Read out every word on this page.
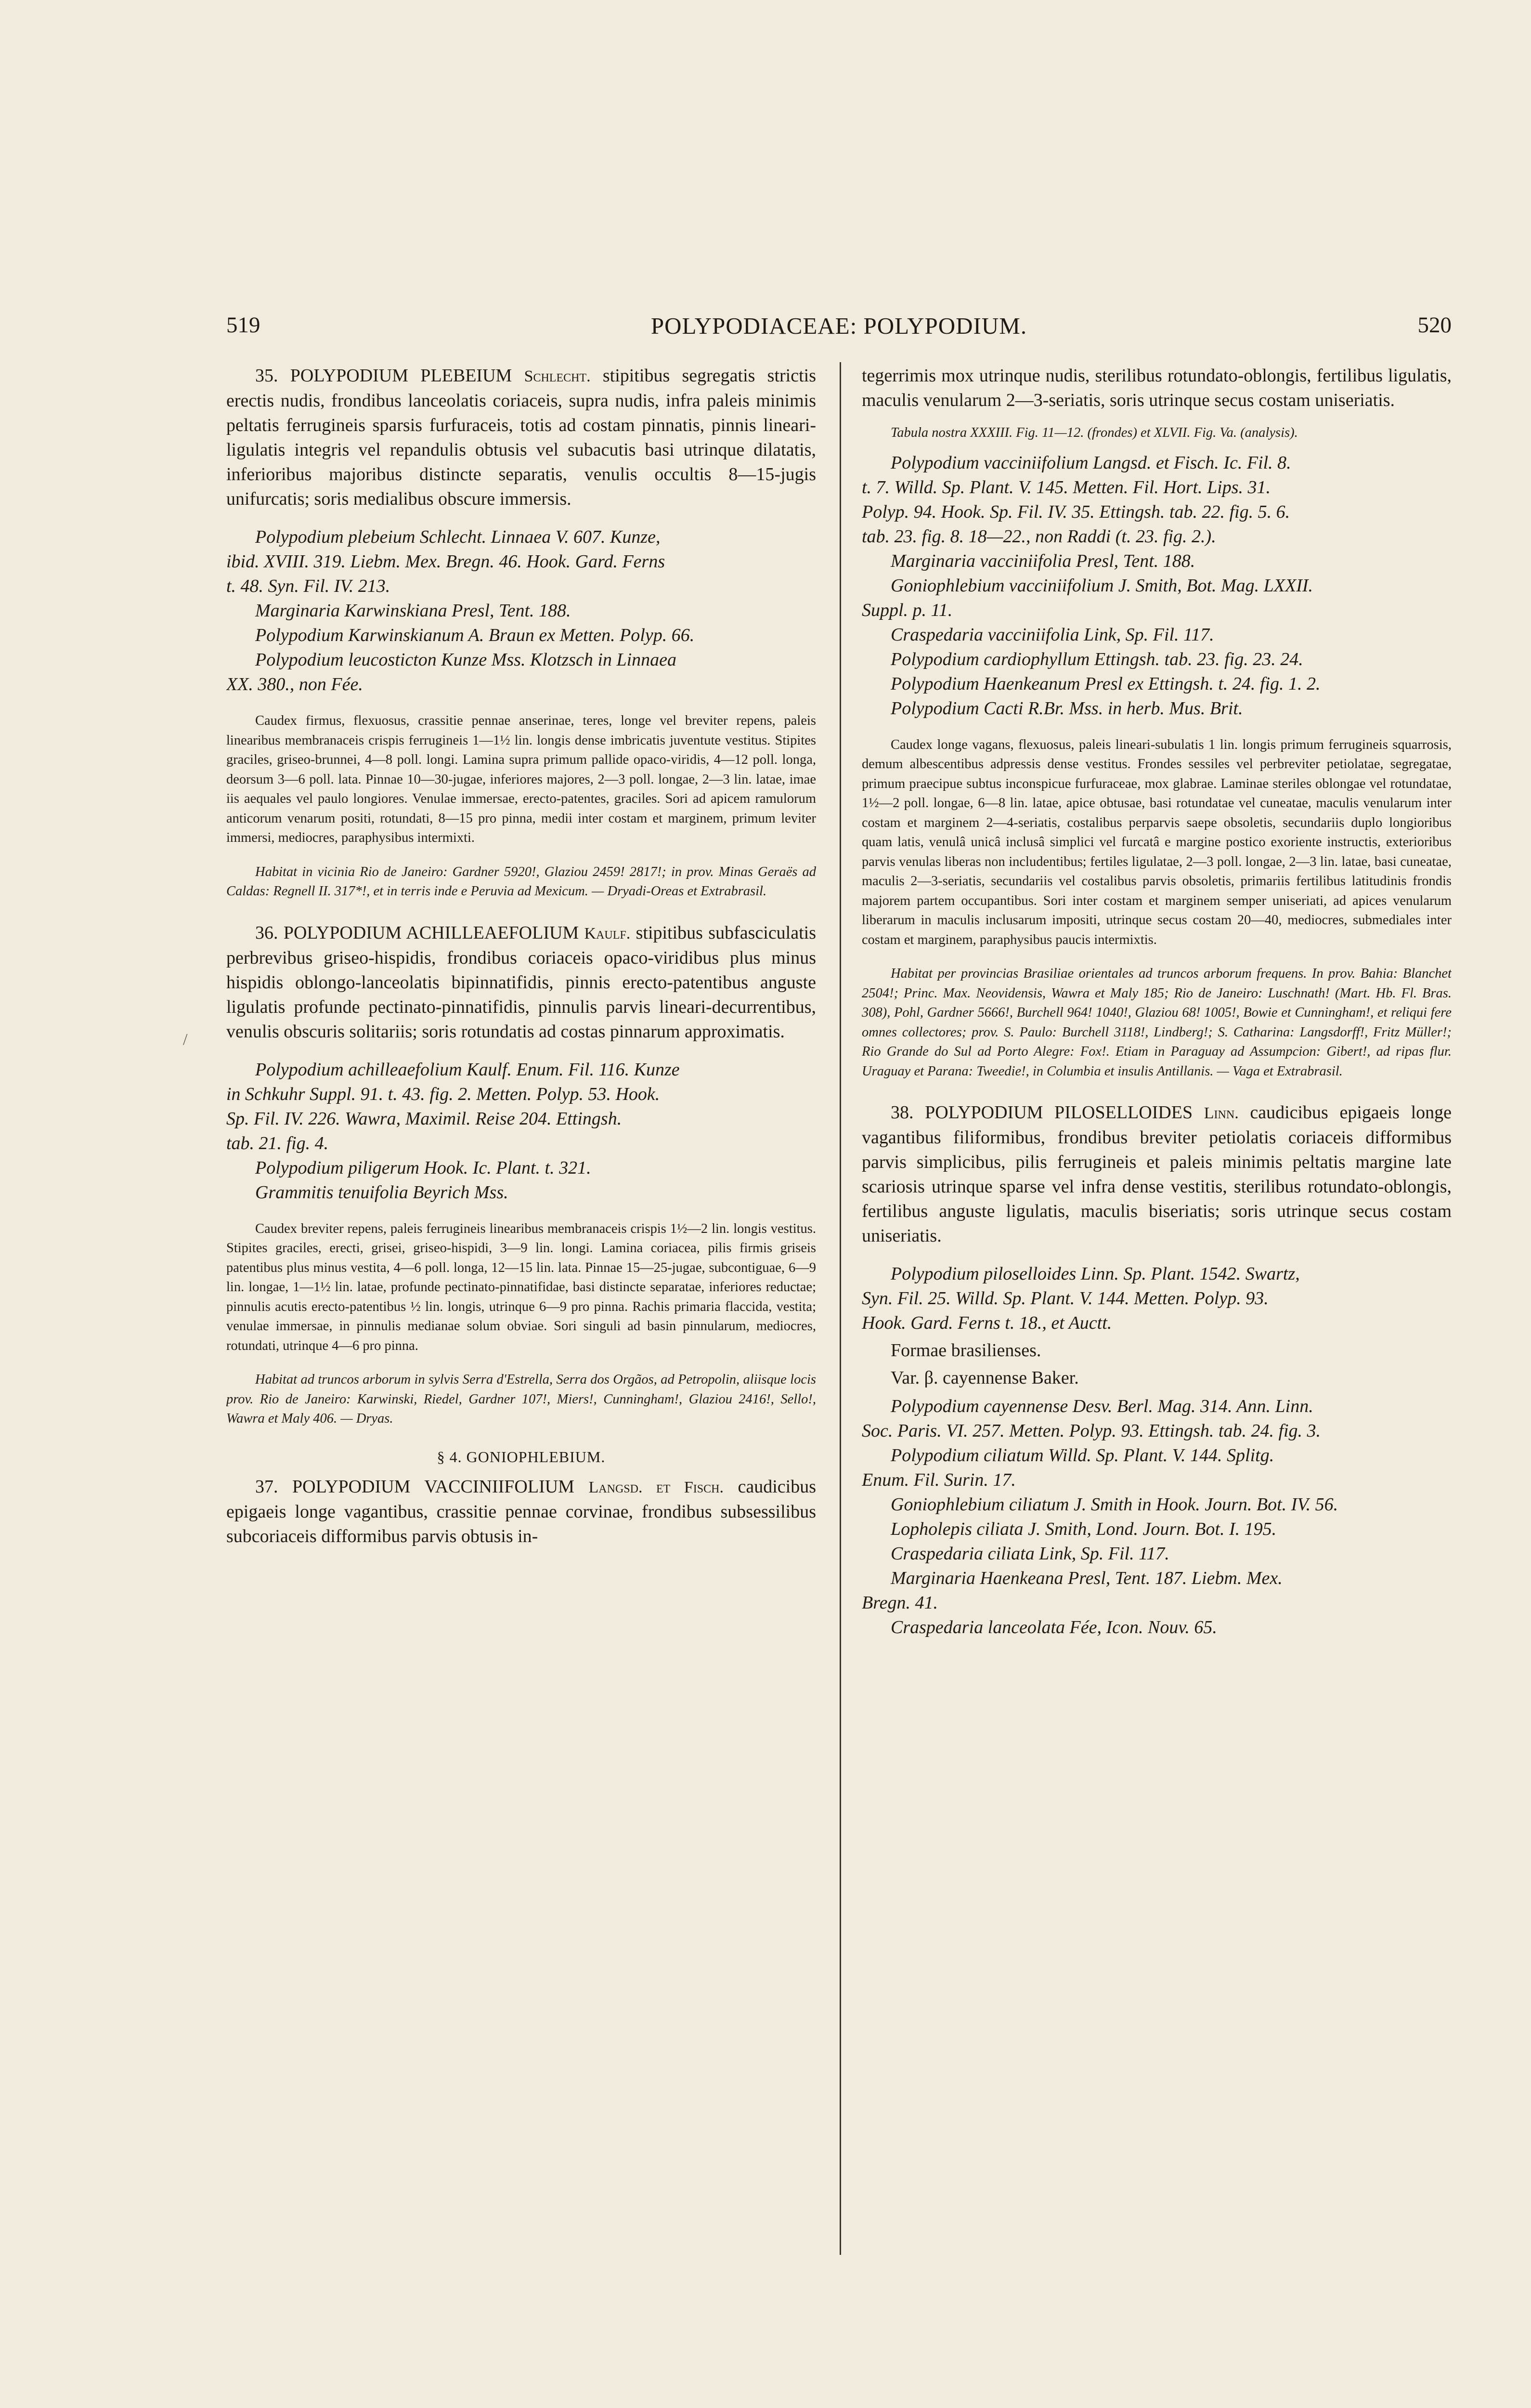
519	POLYPODIACEAE: POLYPODIUM.	520
/

35. POLYPODIUM PLEBEIUM Schlecht. stipitibus segregatis strictis erectis nudis, frondibus lanceolatis coriaceis, supra nudis, infra paleis minimis peltatis ferrugineis sparsis furfuraceis, totis ad costam pinnatis, pinnis lineari-ligulatis integris vel repandulis obtusis vel subacutis basi utrinque dilatatis, inferioribus majoribus distincte separatis, venulis occultis 8—15-jugis unifurcatis; soris medialibus obscure immersis.

Polypodium plebeium Schlecht. Linnaea V. 607. Kunze,
ibid. XVIII. 319. Liebm. Mex. Bregn. 46. Hook. Gard. Ferns
t. 48. Syn. Fil. IV. 213.
Marginaria Karwinskiana Presl, Tent. 188.
Polypodium Karwinskianum A. Braun ex Metten. Polyp. 66.
Polypodium leucosticton Kunze Mss. Klotzsch in Linnaea
XX. 380., non Fée.
Caudex firmus, flexuosus, crassitie pennae anserinae, teres, longe vel breviter repens, paleis linearibus membranaceis crispis ferrugineis 1—1½ lin. longis dense imbricatis juventute vestitus. Stipites graciles, griseo-brunnei, 4—8 poll. longi. Lamina supra primum pallide opaco-viridis, 4—12 poll. longa, deorsum 3—6 poll. lata. Pinnae 10—30-jugae, inferiores majores, 2—3 poll. longae, 2—3 lin. latae, imae iis aequales vel paulo longiores. Venulae immersae, erecto-patentes, graciles. Sori ad apicem ramulorum anticorum venarum positi, rotundati, 8—15 pro pinna, medii inter costam et marginem, primum leviter immersi, mediocres, paraphysibus intermixti.
Habitat in vicinia Rio de Janeiro: Gardner 5920!, Glaziou 2459! 2817!; in prov. Minas Geraës ad Caldas: Regnell II. 317*!, et in terris inde e Peruvia ad Mexicum. — Dryadi-Oreas et Extrabrasil.

36. POLYPODIUM ACHILLEAEFOLIUM Kaulf. stipitibus subfasciculatis perbrevibus griseo-hispidis, frondibus coriaceis opaco-viridibus plus minus hispidis oblongo-lanceolatis bipinnatifidis, pinnis erecto-patentibus anguste ligulatis profunde pectinato-pinnatifidis, pinnulis parvis lineari-decurrentibus, venulis obscuris solitariis; soris rotundatis ad costas pinnarum approximatis.

Polypodium achilleaefolium Kaulf. Enum. Fil. 116. Kunze
in Schkuhr Suppl. 91. t. 43. fig. 2. Metten. Polyp. 53. Hook.
Sp. Fil. IV. 226. Wawra, Maximil. Reise 204. Ettingsh.
tab. 21. fig. 4.
Polypodium piligerum Hook. Ic. Plant. t. 321.
Grammitis tenuifolia Beyrich Mss.
Caudex breviter repens, paleis ferrugineis linearibus membranaceis crispis 1½—2 lin. longis vestitus. Stipites graciles, erecti, grisei, griseo-hispidi, 3—9 lin. longi. Lamina coriacea, pilis firmis griseis patentibus plus minus vestita, 4—6 poll. longa, 12—15 lin. lata. Pinnae 15—25-jugae, subcontiguae, 6—9 lin. longae, 1—1½ lin. latae, profunde pectinato-pinnatifidae, basi distincte separatae, inferiores reductae; pinnulis acutis erecto-patentibus ½ lin. longis, utrinque 6—9 pro pinna. Rachis primaria flaccida, vestita; venulae immersae, in pinnulis medianae solum obviae. Sori singuli ad basin pinnularum, mediocres, rotundati, utrinque 4—6 pro pinna.
Habitat ad truncos arborum in sylvis Serra d'Estrella, Serra dos Orgãos, ad Petropolin, aliisque locis prov. Rio de Janeiro: Karwinski, Riedel, Gardner 107!, Miers!, Cunningham!, Glaziou 2416!, Sello!, Wawra et Maly 406. — Dryas.

§ 4. GONIOPHLEBIUM.

37. POLYPODIUM VACCINIIFOLIUM Langsd. et Fisch. caudicibus epigaeis longe vagantibus, crassitie pennae corvinae, frondibus subsessilibus subcoriaceis difformibus parvis obtusis in-

tegerrimis mox utrinque nudis, sterilibus rotundato-oblongis, fertilibus ligulatis, maculis venularum 2—3-seriatis, soris utrinque secus costam uniseriatis.

Tabula nostra XXXIII. Fig. 11—12. (frondes) et XLVII. Fig. Va. (analysis).
Polypodium vacciniifolium Langsd. et Fisch. Ic. Fil. 8.
t. 7. Willd. Sp. Plant. V. 145. Metten. Fil. Hort. Lips. 31.
Polyp. 94. Hook. Sp. Fil. IV. 35. Ettingsh. tab. 22. fig. 5. 6.
tab. 23. fig. 8. 18—22., non Raddi (t. 23. fig. 2.).
Marginaria vacciniifolia Presl, Tent. 188.
Goniophlebium vacciniifolium J. Smith, Bot. Mag. LXXII.
Suppl. p. 11.
Craspedaria vacciniifolia Link, Sp. Fil. 117.
Polypodium cardiophyllum Ettingsh. tab. 23. fig. 23. 24.
Polypodium Haenkeanum Presl ex Ettingsh. t. 24. fig. 1. 2.
Polypodium Cacti R.Br. Mss. in herb. Mus. Brit.
Caudex longe vagans, flexuosus, paleis lineari-subulatis 1 lin. longis primum ferrugineis squarrosis, demum albescentibus adpressis dense vestitus. Frondes sessiles vel perbreviter petiolatae, segregatae, primum praecipue subtus inconspicue furfuraceae, mox glabrae. Laminae steriles oblongae vel rotundatae, 1½—2 poll. longae, 6—8 lin. latae, apice obtusae, basi rotundatae vel cuneatae, maculis venularum inter costam et marginem 2—4-seriatis, costalibus perparvis saepe obsoletis, secundariis duplo longioribus quam latis, venulâ unicâ inclusâ simplici vel furcatâ e margine postico exoriente instructis, exterioribus parvis venulas liberas non includentibus; fertiles ligulatae, 2—3 poll. longae, 2—3 lin. latae, basi cuneatae, maculis 2—3-seriatis, secundariis vel costalibus parvis obsoletis, primariis fertilibus latitudinis frondis majorem partem occupantibus. Sori inter costam et marginem semper uniseriati, ad apices venularum liberarum in maculis inclusarum impositi, utrinque secus costam 20—40, mediocres, submediales inter costam et marginem, paraphysibus paucis intermixtis.
Habitat per provincias Brasiliae orientales ad truncos arborum frequens. In prov. Bahia: Blanchet 2504!; Princ. Max. Neovidensis, Wawra et Maly 185; Rio de Janeiro: Luschnath! (Mart. Hb. Fl. Bras. 308), Pohl, Gardner 5666!, Burchell 964! 1040!, Glaziou 68! 1005!, Bowie et Cunningham!, et reliqui fere omnes collectores; prov. S. Paulo: Burchell 3118!, Lindberg!; S. Catharina: Langsdorff!, Fritz Müller!; Rio Grande do Sul ad Porto Alegre: Fox!. Etiam in Paraguay ad Assumpcion: Gibert!, ad ripas flur. Uraguay et Parana: Tweedie!, in Columbia et insulis Antillanis. — Vaga et Extrabrasil.

38. POLYPODIUM PILOSELLOIDES Linn. caudicibus epigaeis longe vagantibus filiformibus, frondibus breviter petiolatis coriaceis difformibus parvis simplicibus, pilis ferrugineis et paleis minimis peltatis margine late scariosis utrinque sparse vel infra dense vestitis, sterilibus rotundato-oblongis, fertilibus anguste ligulatis, maculis biseriatis; soris utrinque secus costam uniseriatis.

Polypodium piloselloides Linn. Sp. Plant. 1542. Swartz,
Syn. Fil. 25. Willd. Sp. Plant. V. 144. Metten. Polyp. 93.
Hook. Gard. Ferns t. 18., et Auctt.

Formae brasilienses.

Var. β. cayennense Baker.

Polypodium cayennense Desv. Berl. Mag. 314. Ann. Linn.
Soc. Paris. VI. 257. Metten. Polyp. 93. Ettingsh. tab. 24. fig. 3.
Polypodium ciliatum Willd. Sp. Plant. V. 144. Splitg.
Enum. Fil. Surin. 17.
Goniophlebium ciliatum J. Smith in Hook. Journ. Bot. IV. 56.
Lopholepis ciliata J. Smith, Lond. Journ. Bot. I. 195.
Craspedaria ciliata Link, Sp. Fil. 117.
Marginaria Haenkeana Presl, Tent. 187. Liebm. Mex.
Bregn. 41.
Craspedaria lanceolata Fée, Icon. Nouv. 65.
